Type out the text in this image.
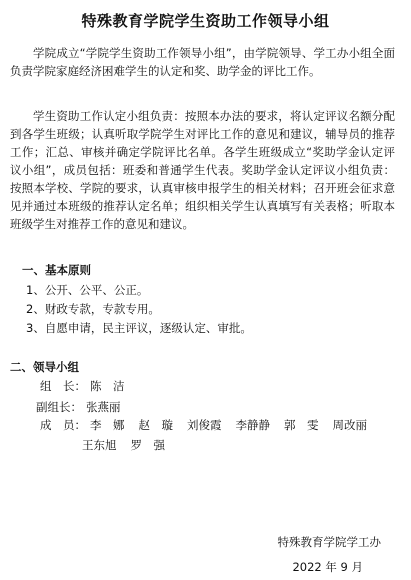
特殊教育学院学生资助工作领导小组

学院成立“学院学生资助工作领导小组”，由学院领导、学工办小组全面负责学院家庭经济困难学生的认定和奖、助学金的评比工作。

学生资助工作认定小组负责：按照本办法的要求，将认定评议名额分配到各学生班级；认真听取学院学生对评比工作的意见和建议，辅导员的推荐工作；汇总、审核并确定学院评比名单。各学生班级成立“奖助学金认定评议小组”，成员包括：班委和普通学生代表。奖助学金认定评议小组负责：按照本学校、学院的要求，认真审核申报学生的相关材料；召开班会征求意见并通过本班级的推荐认定名单；组织相关学生认真填写有关表格；听取本班级学生对推荐工作的意见和建议。

一、基本原则
1、公开、公平、公正。
2、财政专款，专款专用。
3、自愿申请，民主评议，逐级认定、审批。
二、领导小组
组　长： 陈　洁
副组长： 张燕丽
成　员： 李　娜 赵　璇 刘俊霞 李静静 郭　雯 周改丽
王东旭 罗　强
特殊教育学院学工办
2022 年 9 月
